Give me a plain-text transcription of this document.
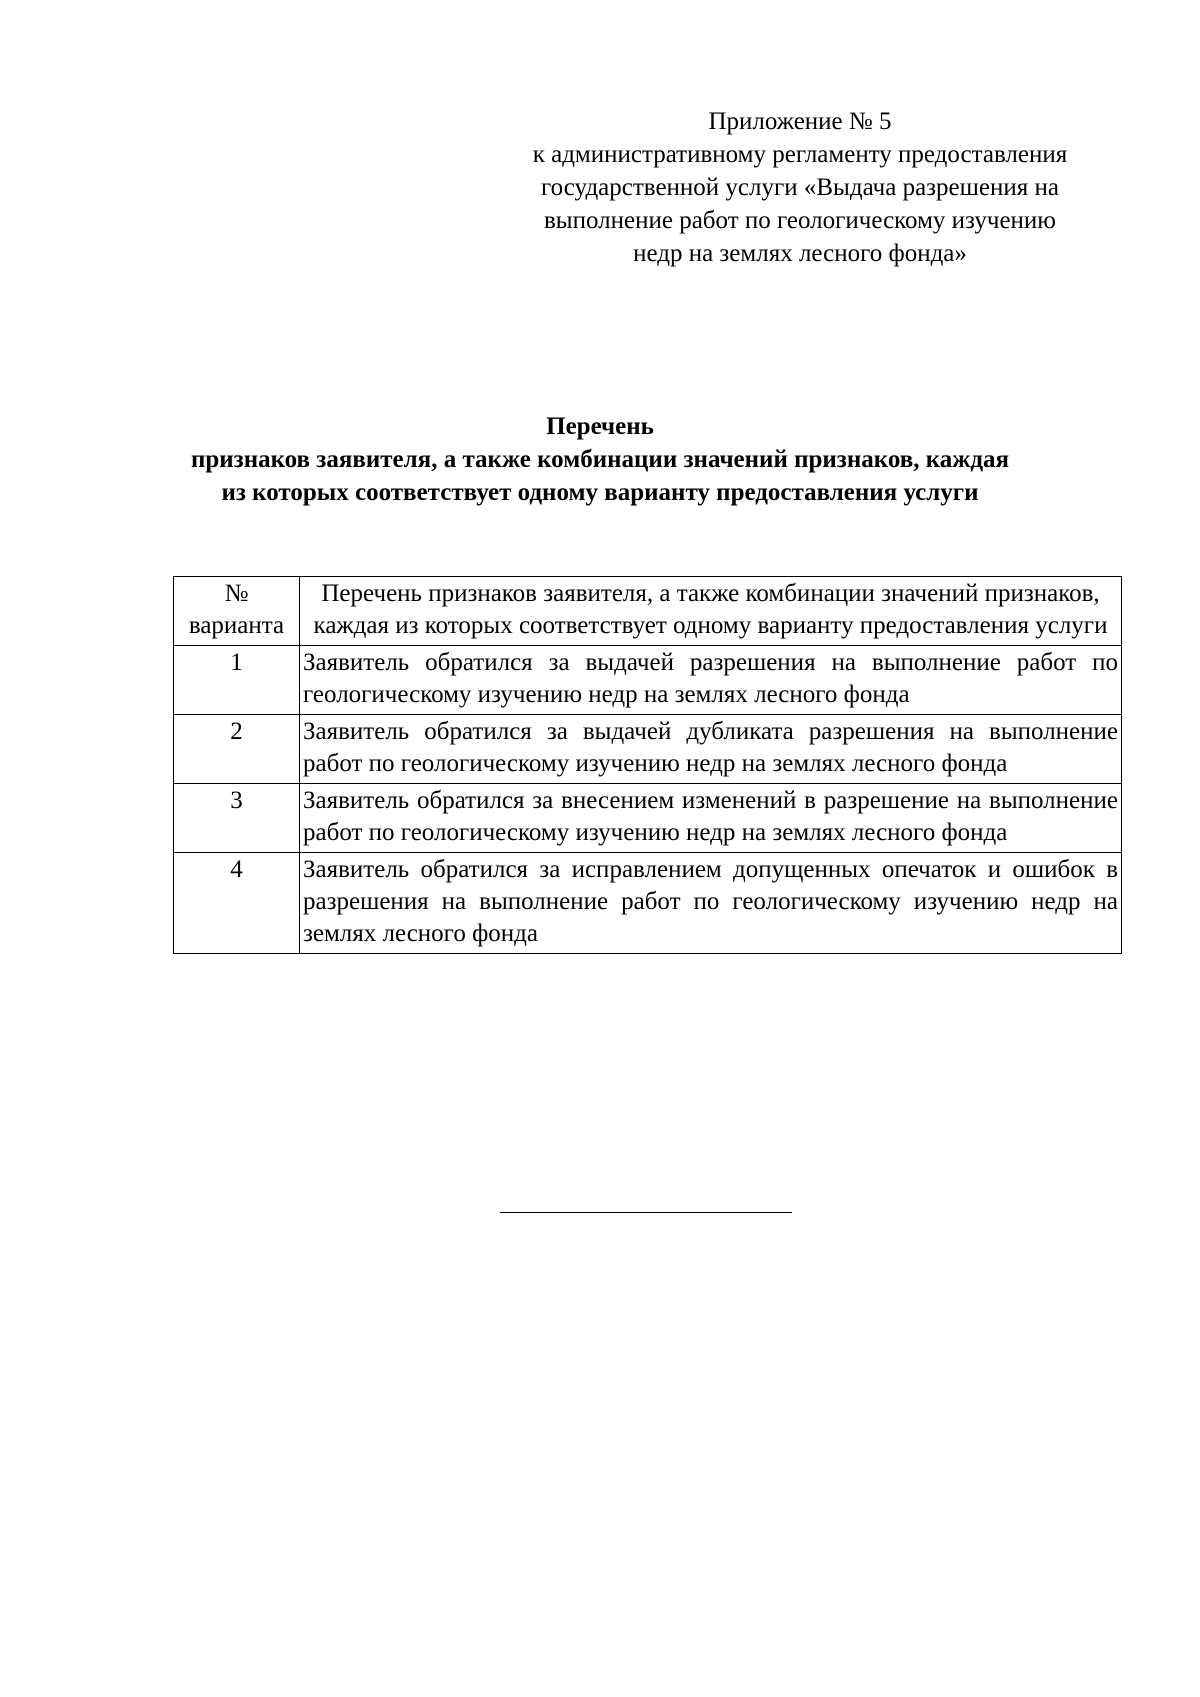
Приложение № 5
к административному регламенту предоставления
государственной услуги «Выдача разрешения на
выполнение работ по геологическому изучению
недр на землях лесного фонда»
Перечень
признаков заявителя, а также комбинации значений признаков, каждая
из которых соответствует одному варианту предоставления услуги
№ варианта	Перечень признаков заявителя, а также комбинации значений признаков, каждая из которых соответствует одному варианту предоставления услуги
1	Заявитель обратился за выдачей разрешения на выполнение работ по геологическому изучению недр на землях лесного фонда
2	Заявитель обратился за выдачей дубликата разрешения на выполнение работ по геологическому изучению недр на землях лесного фонда
3	Заявитель обратился за внесением изменений в разрешение на выполнение работ по геологическому изучению недр на землях лесного фонда
4	Заявитель обратился за исправлением допущенных опечаток и ошибок в разрешения на выполнение работ по геологическому изучению недр на землях лесного фонда
